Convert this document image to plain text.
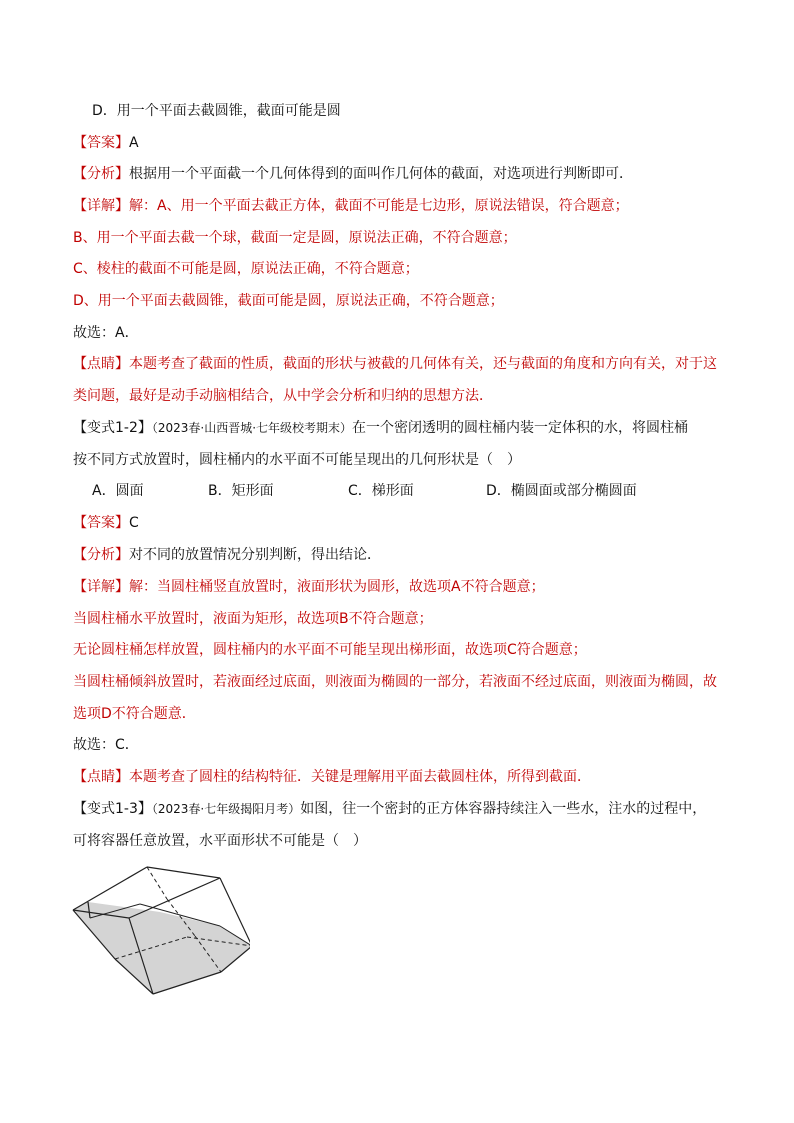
D．用一个平面去截圆锥，截面可能是圆
【答案】A
【分析】根据用一个平面截一个几何体得到的面叫作几何体的截面，对选项进行判断即可．
【详解】解：A、用一个平面去截正方体，截面不可能是七边形，原说法错误，符合题意；
B、用一个平面去截一个球，截面一定是圆，原说法正确，不符合题意；
C、棱柱的截面不可能是圆，原说法正确，不符合题意；
D、用一个平面去截圆锥，截面可能是圆，原说法正确，不符合题意；
故选：A．
【点睛】本题考查了截面的性质，截面的形状与被截的几何体有关，还与截面的角度和方向有关，对于这
类问题，最好是动手动脑相结合，从中学会分析和归纳的思想方法．
【变式1-2】（2023春·山西晋城·七年级校考期末）在一个密闭透明的圆柱桶内装一定体积的水，将圆柱桶
按不同方式放置时，圆柱桶内的水平面不可能呈现出的几何形状是（　）
A．圆面	B．矩形面	C．梯形面	D．椭圆面或部分椭圆面
【答案】C
【分析】对不同的放置情况分别判断，得出结论．
【详解】解：当圆柱桶竖直放置时，液面形状为圆形，故选项A不符合题意；
当圆柱桶水平放置时，液面为矩形，故选项B不符合题意；
无论圆柱桶怎样放置，圆柱桶内的水平面不可能呈现出梯形面，故选项C符合题意；
当圆柱桶倾斜放置时，若液面经过底面，则液面为椭圆的一部分，若液面不经过底面，则液面为椭圆，故
选项D不符合题意．
故选：C．
【点睛】本题考查了圆柱的结构特征．关键是理解用平面去截圆柱体，所得到截面．
【变式1-3】（2023春·七年级揭阳月考）如图，往一个密封的正方体容器持续注入一些水，注水的过程中，
可将容器任意放置，水平面形状不可能是（　）
